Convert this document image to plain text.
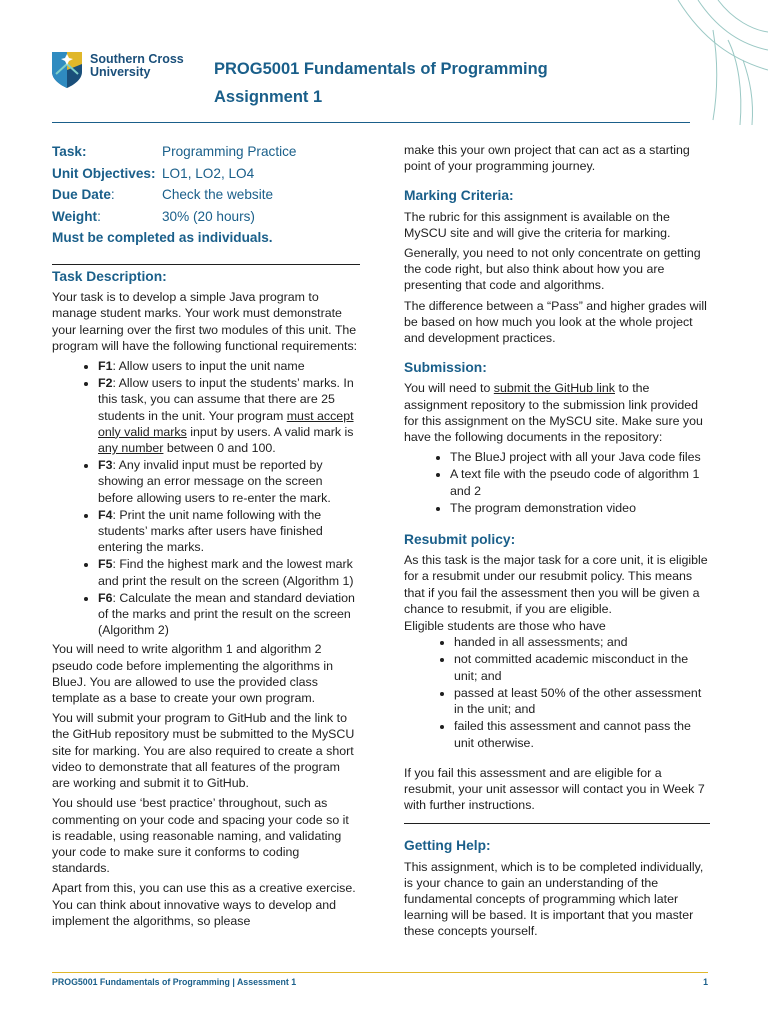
Southern Cross
University	PROG5001 Fundamentals of Programming
Assignment 1
Task:	Programming Practice
Unit Objectives: LO1, LO2, LO4
Due Date:	Check the website
Weight:	30% (20 hours)
Must be completed as individuals.
Task Description:

Your task is to develop a simple Java program to manage student marks. Your work must demonstrate your learning over the first two modules of this unit. The program will have the following functional requirements:

• F1: Allow users to input the unit name
• F2: Allow users to input the students’ marks. In this task, you can assume that there are 25 students in the unit. Your program must accept only valid marks input by users. A valid mark is any number between 0 and 100.
• F3: Any invalid input must be reported by showing an error message on the screen before allowing users to re-enter the mark.
• F4: Print the unit name following with the students’ marks after users have finished entering the marks.
• F5: Find the highest mark and the lowest mark and print the result on the screen (Algorithm 1)
• F6: Calculate the mean and standard deviation of the marks and print the result on the screen (Algorithm 2)

You will need to write algorithm 1 and algorithm 2 pseudo code before implementing the algorithms in BlueJ. You are allowed to use the provided class template as a base to create your own program.

You will submit your program to GitHub and the link to the GitHub repository must be submitted to the MySCU site for marking. You are also required to create a short video to demonstrate that all features of the program are working and submit it to GitHub.

You should use ‘best practice’ throughout, such as commenting on your code and spacing your code so it is readable, using reasonable naming, and validating your code to make sure it conforms to coding standards.

Apart from this, you can use this as a creative exercise. You can think about innovative ways to develop and implement the algorithms, so please

make this your own project that can act as a starting point of your programming journey.

Marking Criteria:

The rubric for this assignment is available on the MySCU site and will give the criteria for marking.

Generally, you need to not only concentrate on getting the code right, but also think about how you are presenting that code and algorithms.

The difference between a “Pass” and higher grades will be based on how much you look at the whole project and development practices.

Submission:

You will need to submit the GitHub link to the assignment repository to the submission link provided for this assignment on the MySCU site. Make sure you have the following documents in the repository:

• The BlueJ project with all your Java code files
• A text file with the pseudo code of algorithm 1 and 2
• The program demonstration video
Resubmit policy:

As this task is the major task for a core unit, it is eligible for a resubmit under our resubmit policy. This means that if you fail the assessment then you will be given a chance to resubmit, if you are eligible.

Eligible students are those who have

• handed in all assessments; and
• not committed academic misconduct in the unit; and
• passed at least 50% of the other assessment in the unit; and
• failed this assessment and cannot pass the unit otherwise.

If you fail this assessment and are eligible for a resubmit, your unit assessor will contact you in Week 7 with further instructions.

Getting Help:

This assignment, which is to be completed individually, is your chance to gain an understanding of the fundamental concepts of programming which later learning will be based. It is important that you master these concepts yourself.

PROG5001 Fundamentals of Programming | Assessment 1	1
